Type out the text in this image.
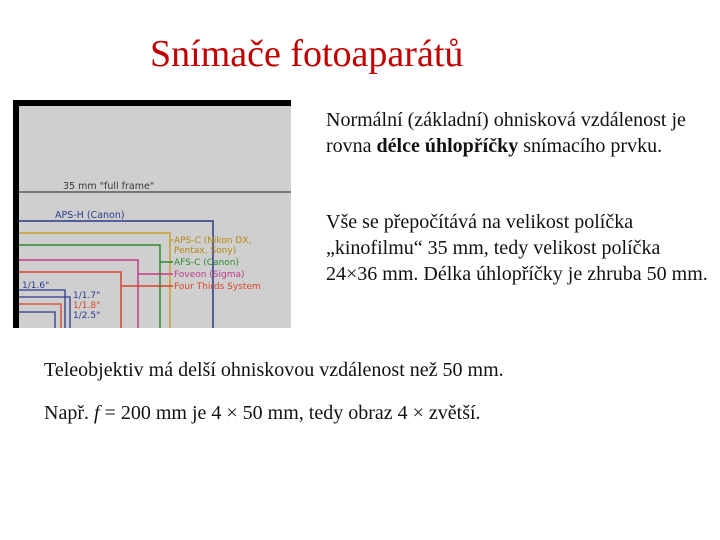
Snímače fotoaparátů
35 mm "full frame"
APS-H (Canon)
APS-C (Nikon DX,
Pentax, Sony)
AFS-C (Canon)
Foveon (Sigma)
Four Thirds System
1/1.6"
1/1.7"
1/1.8"
1/2.5"
Normální (základní) ohnisková vzdálenost je rovna délce úhlopříčky snímacího prvku.
Vše se přepočítává na velikost políčka „kinofilmu“ 35 mm, tedy velikost políčka 24×36 mm. Délka úhlopříčky je zhruba 50 mm.
Teleobjektiv má delší ohniskovou vzdálenost než 50 mm.
Např. f = 200 mm je 4 × 50 mm, tedy obraz 4 × zvětší.
